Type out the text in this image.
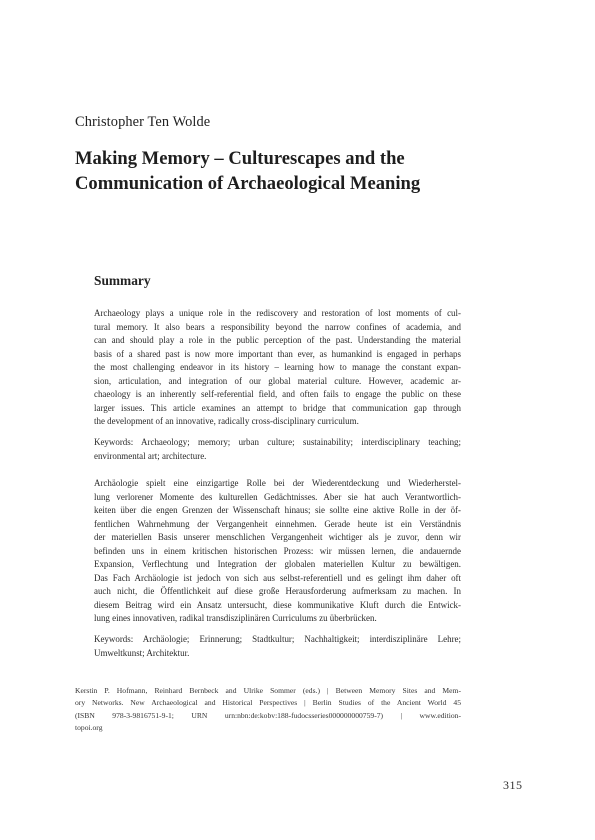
Christopher Ten Wolde
Making Memory – Culturescapes and the
Communication of Archaeological Meaning
Summary
Archaeology plays a unique role in the rediscovery and restoration of lost moments of cul-
tural memory. It also bears a responsibility beyond the narrow confines of academia, and
can and should play a role in the public perception of the past. Understanding the material
basis of a shared past is now more important than ever, as humankind is engaged in perhaps
the most challenging endeavor in its history – learning how to manage the constant expan-
sion, articulation, and integration of our global material culture. However, academic ar-
chaeology is an inherently self-referential field, and often fails to engage the public on these
larger issues. This article examines an attempt to bridge that communication gap through
the development of an innovative, radically cross-disciplinary curriculum.
Keywords: Archaeology; memory; urban culture; sustainability; interdisciplinary teaching;
environmental art; architecture.
Archäologie spielt eine einzigartige Rolle bei der Wiederentdeckung und Wiederherstel-
lung verlorener Momente des kulturellen Gedächtnisses. Aber sie hat auch Verantwortlich-
keiten über die engen Grenzen der Wissenschaft hinaus; sie sollte eine aktive Rolle in der öf-
fentlichen Wahrnehmung der Vergangenheit einnehmen. Gerade heute ist ein Verständnis
der materiellen Basis unserer menschlichen Vergangenheit wichtiger als je zuvor, denn wir
befinden uns in einem kritischen historischen Prozess: wir müssen lernen, die andauernde
Expansion, Verflechtung und Integration der globalen materiellen Kultur zu bewältigen.
Das Fach Archäologie ist jedoch von sich aus selbst-referentiell und es gelingt ihm daher oft
auch nicht, die Öffentlichkeit auf diese große Herausforderung aufmerksam zu machen. In
diesem Beitrag wird ein Ansatz untersucht, diese kommunikative Kluft durch die Entwick-
lung eines innovativen, radikal transdisziplinären Curriculums zu überbrücken.
Keywords: Archäologie; Erinnerung; Stadtkultur; Nachhaltigkeit; interdisziplinäre Lehre;
Umweltkunst; Architektur.
Kerstin P. Hofmann, Reinhard Bernbeck and Ulrike Sommer (eds.) | Between Memory Sites and Mem-
ory Networks. New Archaeological and Historical Perspectives | Berlin Studies of the Ancient World 45
(ISBN 978-3-9816751-9-1; URN urn:nbn:de:kobv:188-fudocsseries000000000759-7) | www.edition-
topoi.org
315
